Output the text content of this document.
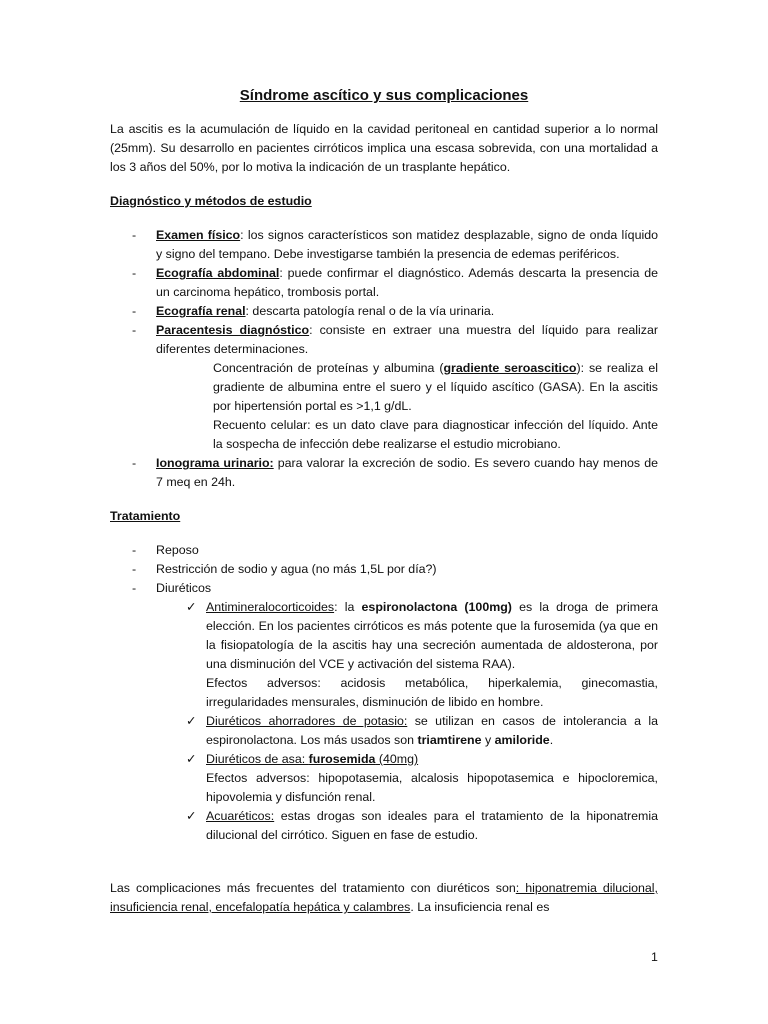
Síndrome ascítico y sus complicaciones

La ascitis es la acumulación de líquido en la cavidad peritoneal en cantidad superior a lo normal (25mm). Su desarrollo en pacientes cirróticos implica una escasa sobrevida, con una mortalidad a los 3 años del 50%, por lo motiva la indicación de un trasplante hepático.

Diagnóstico y métodos de estudio

- Examen físico: los signos característicos son matidez desplazable, signo de onda líquido y signo del tempano. Debe investigarse también la presencia de edemas periféricos.
- Ecografía abdominal: puede confirmar el diagnóstico. Además descarta la presencia de un carcinoma hepático, trombosis portal.
- Ecografía renal: descarta patología renal o de la vía urinaria.
- Paracentesis diagnóstico: consiste en extraer una muestra del líquido para realizar diferentes determinaciones.
Concentración de proteínas y albumina (gradiente seroascitico): se realiza el gradiente de albumina entre el suero y el líquido ascítico (GASA). En la ascitis por hipertensión portal es >1,1 g/dL.
Recuento celular: es un dato clave para diagnosticar infección del líquido. Ante la sospecha de infección debe realizarse el estudio microbiano.
- Ionograma urinario: para valorar la excreción de sodio. Es severo cuando hay menos de 7 meq en 24h.

Tratamiento

- Reposo
- Restricción de sodio y agua (no más 1,5L por día?)
- Diuréticos
✓ Antimineralocorticoides: la espironolactona (100mg) es la droga de primera elección. En los pacientes cirróticos es más potente que la furosemida (ya que en la fisiopatología de la ascitis hay una secreción aumentada de aldosterona, por una disminución del VCE y activación del sistema RAA).
Efectos adversos: acidosis metabólica, hiperkalemia, ginecomastia, irregularidades mensurales, disminución de libido en hombre.
✓ Diuréticos ahorradores de potasio: se utilizan en casos de intolerancia a la espironolactona. Los más usados son triamtirene y amiloride.
✓ Diuréticos de asa: furosemida (40mg)
Efectos adversos: hipopotasemia, alcalosis hipopotasemica e hipocloremica, hipovolemia y disfunción renal.
✓ Acuaréticos: estas drogas son ideales para el tratamiento de la hiponatremia dilucional del cirrótico. Siguen en fase de estudio.

Las complicaciones más frecuentes del tratamiento con diuréticos son: hiponatremia dilucional, insuficiencia renal, encefalopatía hepática y calambres. La insuficiencia renal es

1
